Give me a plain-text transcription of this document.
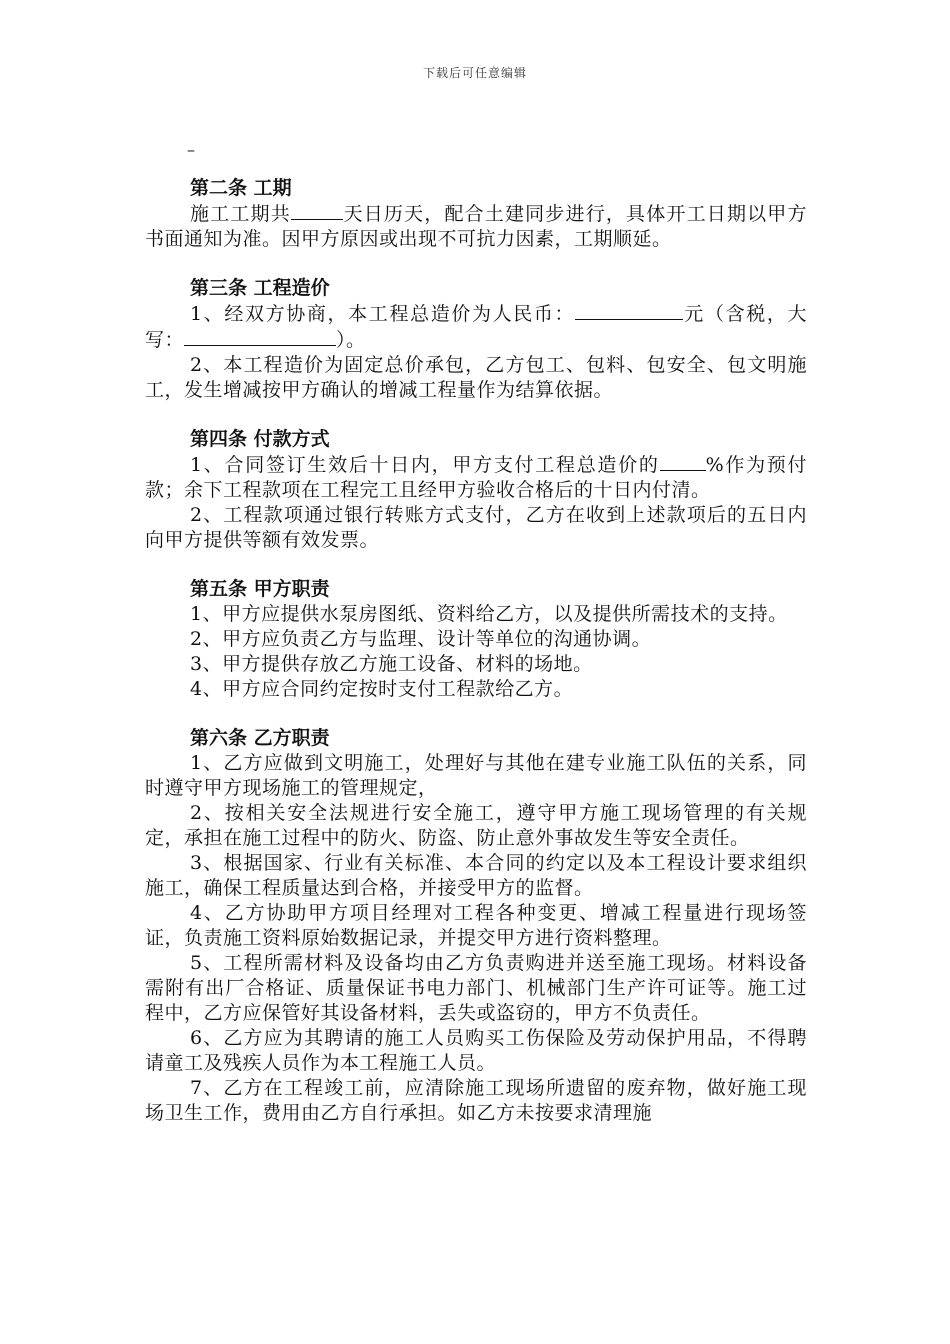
下载后可任意编辑
–
第二条 工期

施工工期共	天日历天，配合土建同步进行，具体开工日期以甲方书面通知为准。因甲方原因或出现不可抗力因素，工期顺延。

第三条 工程造价

1、经双方协商，本工程总造价为人民币：	元（含税，大写：	）。

2、本工程造价为固定总价承包，乙方包工、包料、包安全、包文明施工，发生增减按甲方确认的增减工程量作为结算依据。

第四条 付款方式

1、合同签订生效后十日内，甲方支付工程总造价的 %作为预付款；余下工程款项在工程完工且经甲方验收合格后的十日内付清。

2、工程款项通过银行转账方式支付，乙方在收到上述款项后的五日内向甲方提供等额有效发票。

第五条 甲方职责

1、甲方应提供水泵房图纸、资料给乙方，以及提供所需技术的支持。

2、甲方应负责乙方与监理、设计等单位的沟通协调。

3、甲方提供存放乙方施工设备、材料的场地。

4、甲方应合同约定按时支付工程款给乙方。

第六条 乙方职责

1、乙方应做到文明施工，处理好与其他在建专业施工队伍的关系，同时遵守甲方现场施工的管理规定，

2、按相关安全法规进行安全施工，遵守甲方施工现场管理的有关规定，承担在施工过程中的防火、防盗、防止意外事故发生等安全责任。

3、根据国家、行业有关标准、本合同的约定以及本工程设计要求组织施工，确保工程质量达到合格，并接受甲方的监督。

4、乙方协助甲方项目经理对工程各种变更、增减工程量进行现场签证，负责施工资料原始数据记录，并提交甲方进行资料整理。

5、工程所需材料及设备均由乙方负责购进并送至施工现场。材料设备需附有出厂合格证、质量保证书电力部门、机械部门生产许可证等。施工过程中，乙方应保管好其设备材料，丢失或盗窃的，甲方不负责任。

6、乙方应为其聘请的施工人员购买工伤保险及劳动保护用品，不得聘请童工及残疾人员作为本工程施工人员。

7、乙方在工程竣工前，应清除施工现场所遗留的废弃物，做好施工现场卫生工作，费用由乙方自行承担。如乙方未按要求清理施
